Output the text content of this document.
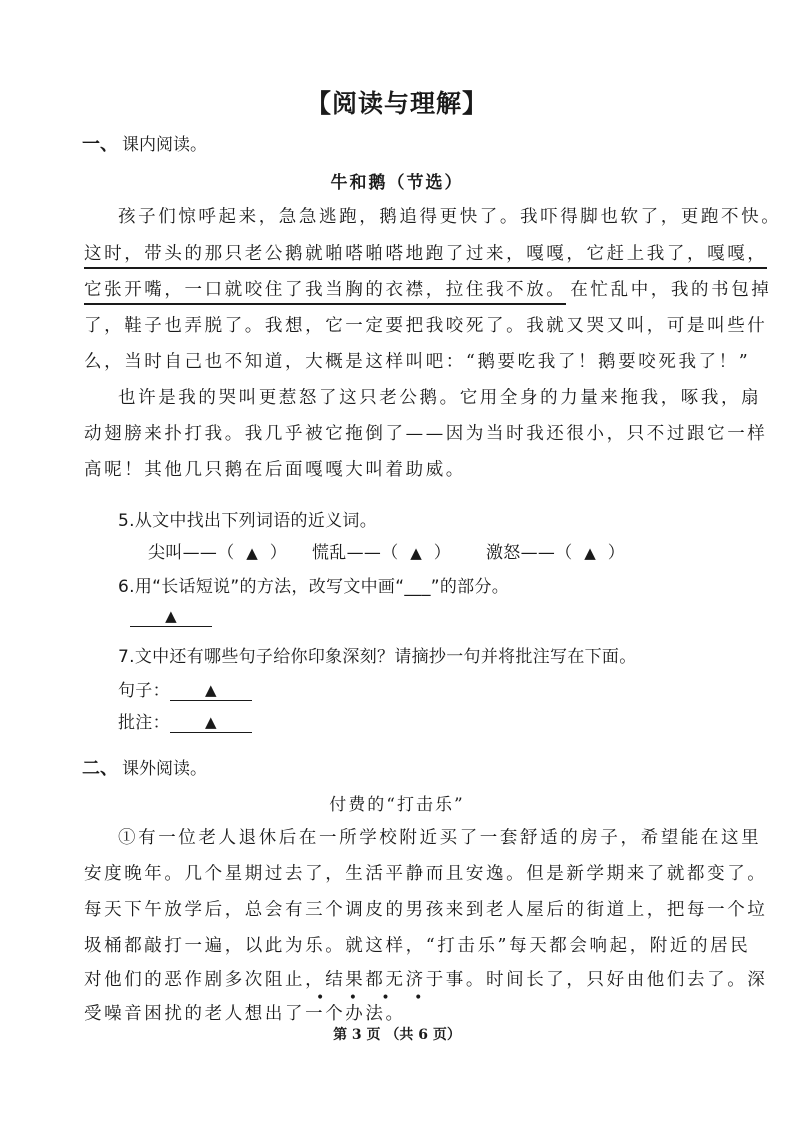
【阅读与理解】
一、 课内阅读。
牛和鹅（节选）
孩子们惊呼起来，急急逃跑，鹅追得更快了。我吓得脚也软了，更跑不快。
这时，带头的那只老公鹅就啪嗒啪嗒地跑了过来，嘎嘎，它赶上我了，嘎嘎，
它张开嘴，一口就咬住了我当胸的衣襟，拉住我不放。 在忙乱中，我的书包掉
了，鞋子也弄脱了。我想，它一定要把我咬死了。我就又哭又叫，可是叫些什
么，当时自己也不知道，大概是这样叫吧：“鹅要吃我了！鹅要咬死我了！”
也许是我的哭叫更惹怒了这只老公鹅。它用全身的力量来拖我，啄我，扇
动翅膀来扑打我。我几乎被它拖倒了——因为当时我还很小，只不过跟它一样
高呢！其他几只鹅在后面嘎嘎大叫着助威。
5.从文中找出下列词语的近义词。
尖叫——（ ▲ ） 慌乱——（ ▲ ） 激怒——（ ▲ ）
6.用“长话短说”的方法，改写文中画“___”的部分。
▲
7.文中还有哪些句子给你印象深刻？请摘抄一句并将批注写在下面。
句子： ▲
批注： ▲
二、 课外阅读。
付费的“打击乐”
①有一位老人退休后在一所学校附近买了一套舒适的房子，希望能在这里
安度晚年。几个星期过去了，生活平静而且安逸。但是新学期来了就都变了。
每天下午放学后，总会有三个调皮的男孩来到老人屋后的街道上，把每一个垃
圾桶都敲打一遍，以此为乐。就这样，“打击乐”每天都会响起，附近的居民
对他们的恶作剧多次阻止，结果都无济于事。时间长了，只好由他们去了。深
• • • •
受噪音困扰的老人想出了一个办法。
第 3 页 （共 6 页）
